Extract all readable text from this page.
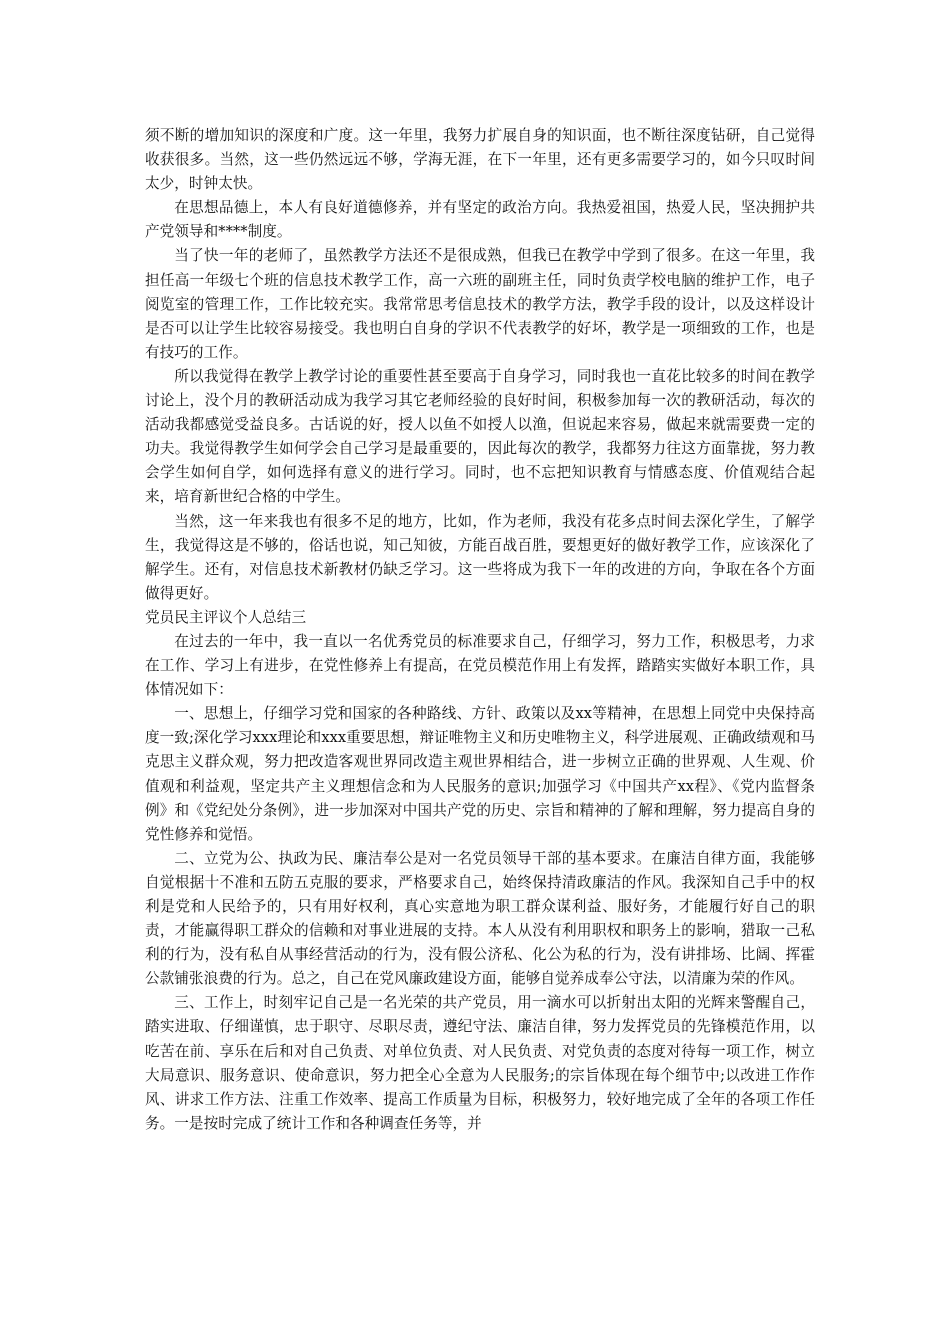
须不断的增加知识的深度和广度。这一年里，我努力扩展自身的知识面，也不断往深度钻研，自己觉得收获很多。当然，这一些仍然远远不够，学海无涯，在下一年里，还有更多需要学习的，如今只叹时间太少，时钟太快。

在思想品德上，本人有良好道德修养，并有坚定的政治方向。我热爱祖国，热爱人民，坚决拥护共产党领导和****制度。

当了快一年的老师了，虽然教学方法还不是很成熟，但我已在教学中学到了很多。在这一年里，我担任高一年级七个班的信息技术教学工作，高一六班的副班主任，同时负责学校电脑的维护工作，电子阅览室的管理工作，工作比较充实。我常常思考信息技术的教学方法，教学手段的设计，以及这样设计是否可以让学生比较容易接受。我也明白自身的学识不代表教学的好坏，教学是一项细致的工作，也是有技巧的工作。

所以我觉得在教学上教学讨论的重要性甚至要高于自身学习，同时我也一直花比较多的时间在教学讨论上，没个月的教研活动成为我学习其它老师经验的良好时间，积极参加每一次的教研活动，每次的活动我都感觉受益良多。古话说的好，授人以鱼不如授人以渔，但说起来容易，做起来就需要费一定的功夫。我觉得教学生如何学会自己学习是最重要的，因此每次的教学，我都努力往这方面靠拢，努力教会学生如何自学，如何选择有意义的进行学习。同时，也不忘把知识教育与情感态度、价值观结合起来，培育新世纪合格的中学生。

当然，这一年来我也有很多不足的地方，比如，作为老师，我没有花多点时间去深化学生，了解学生，我觉得这是不够的，俗话也说，知己知彼，方能百战百胜，要想更好的做好教学工作，应该深化了解学生。还有，对信息技术新教材仍缺乏学习。这一些将成为我下一年的改进的方向，争取在各个方面做得更好。

党员民主评议个人总结三

在过去的一年中，我一直以一名优秀党员的标准要求自己，仔细学习，努力工作，积极思考，力求在工作、学习上有进步，在党性修养上有提高，在党员模范作用上有发挥，踏踏实实做好本职工作，具体情况如下：

一、思想上，仔细学习党和国家的各种路线、方针、政策以及xx等精神，在思想上同党中央保持高度一致;深化学习xxx理论和xxx重要思想，辩证唯物主义和历史唯物主义，科学进展观、正确政绩观和马克思主义群众观，努力把改造客观世界同改造主观世界相结合，进一步树立正确的世界观、人生观、价值观和利益观，坚定共产主义理想信念和为人民服务的意识;加强学习《中国共产xx程》、《党内监督条例》和《党纪处分条例》，进一步加深对中国共产党的历史、宗旨和精神的了解和理解，努力提高自身的党性修养和觉悟。

二、立党为公、执政为民、廉洁奉公是对一名党员领导干部的基本要求。在廉洁自律方面，我能够自觉根据十不准和五防五克服的要求，严格要求自己，始终保持清政廉洁的作风。我深知自己手中的权利是党和人民给予的，只有用好权利，真心实意地为职工群众谋利益、服好务，才能履行好自己的职责，才能赢得职工群众的信赖和对事业进展的支持。本人从没有利用职权和职务上的影响，猎取一己私利的行为，没有私自从事经营活动的行为，没有假公济私、化公为私的行为，没有讲排场、比阔、挥霍公款铺张浪费的行为。总之，自己在党风廉政建设方面，能够自觉养成奉公守法，以清廉为荣的作风。

三、工作上，时刻牢记自己是一名光荣的共产党员，用一滴水可以折射出太阳的光辉来警醒自己，踏实进取、仔细谨慎，忠于职守、尽职尽责，遵纪守法、廉洁自律，努力发挥党员的先锋模范作用，以吃苦在前、享乐在后和对自己负责、对单位负责、对人民负责、对党负责的态度对待每一项工作，树立大局意识、服务意识、使命意识，努力把全心全意为人民服务;的宗旨体现在每个细节中;以改进工作作风、讲求工作方法、注重工作效率、提高工作质量为目标，积极努力，较好地完成了全年的各项工作任务。一是按时完成了统计工作和各种调查任务等，并
